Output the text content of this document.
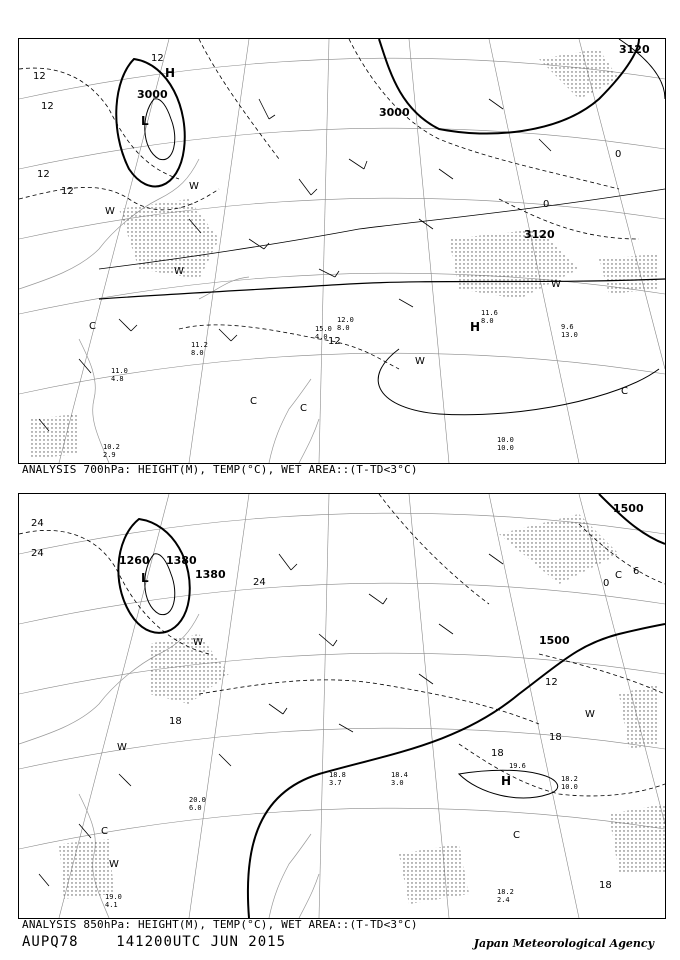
3000
3000
3120
3120
12
12
12
12
12
0
0
12
L
H
H
W
W
W
C
C
C
C
W
W
10.2
2.9
11.6
10.0
9.6
13.0
10.0
8.0
11.0
4.8
11.2
8.0
12.0
8.0
15.0
4.0
ANALYSIS 700hPa: HEIGHT(M), TEMP(°C), WET AREA::(T-TD<3°C)
1260 1380
1380
1500
1500
24
24
24
18
12
18
18
18
6
0
L
H
W
W
C
W
W
C
C
19.0
4.1
18.2
2.4
18.2
10.0
19.6
18.4
3.0
20.0
6.0
18.8
3.7
ANALYSIS 850hPa: HEIGHT(M), TEMP(°C), WET AREA::(T-TD<3°C)
AUPQ78	141200UTC JUN 2015	Japan Meteorological Agency
